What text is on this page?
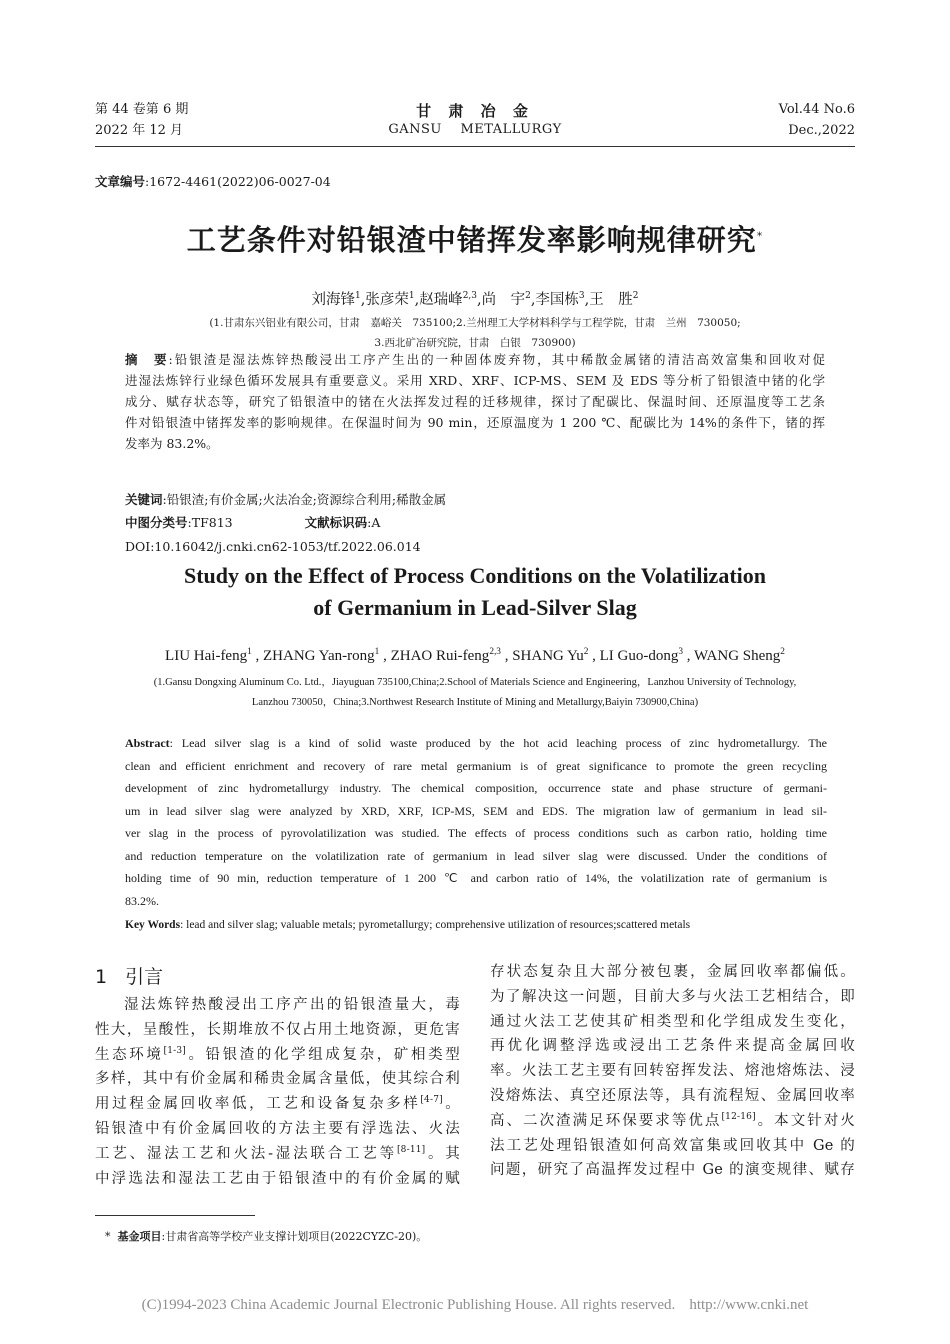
第 44 卷第 6 期
2022 年 12 月
甘 肃 冶 金
GANSU METALLURGY
Vol.44 No.6
Dec.,2022
文章编号:1672-4461(2022)06-0027-04
工艺条件对铅银渣中锗挥发率影响规律研究*
刘海锋$^1$,张彦荣$^1$,赵瑞峰$^{2,3}$,尚　宇$^2$,李国栋$^3$,王　胜$^2$
(1.甘肃东兴铝业有限公司，甘肃　嘉峪关　735100;2.兰州理工大学材料科学与工程学院，甘肃　兰州　730050;
3.西北矿冶研究院，甘肃　白银　730900)
摘　要:铅银渣是湿法炼锌热酸浸出工序产生出的一种固体废弃物，其中稀散金属锗的清洁高效富集和回收对促
进湿法炼锌行业绿色循环发展具有重要意义。采用 XRD、XRF、ICP-MS、SEM 及 EDS 等分析了铅银渣中锗的化学
成分、赋存状态等，研究了铅银渣中的锗在火法挥发过程的迁移规律，探讨了配碳比、保温时间、还原温度等工艺条
件对铅银渣中锗挥发率的影响规律。在保温时间为 90 min，还原温度为 1 200 ℃、配碳比为 14%的条件下，锗的挥
发率为 83.2%。
关键词:铅银渣;有价金属;火法冶金;资源综合利用;稀散金属
中图分类号:TF813	文献标识码:A
DOI:10.16042/j.cnki.cn62-1053/tf.2022.06.014
Study on the Effect of Process Conditions on the Volatilization
of Germanium in Lead-Silver Slag
LIU Hai-feng$^1$ , ZHANG Yan-rong$^1$ , ZHAO Rui-feng$^{2,3}$ , SHANG Yu$^2$ , LI Guo-dong$^3$ , WANG Sheng$^2$
(1.Gansu Dongxing Aluminum Co. Ltd.，Jiayuguan 735100,China;2.School of Materials Science and Engineering，Lanzhou University of Technology,
Lanzhou 730050，China;3.Northwest Research Institute of Mining and Metallurgy,Baiyin 730900,China)
Abstract: Lead silver slag is a kind of solid waste produced by the hot acid leaching process of zinc hydrometallurgy. The
clean and efficient enrichment and recovery of rare metal germanium is of great significance to promote the green recycling
development of zinc hydrometallurgy industry. The chemical composition, occurrence state and phase structure of germani-
um in lead silver slag were analyzed by XRD, XRF, ICP-MS, SEM and EDS. The migration law of germanium in lead sil-
ver slag in the process of pyrovolatilization was studied. The effects of process conditions such as carbon ratio, holding time
and reduction temperature on the volatilization rate of germanium in lead silver slag were discussed. Under the conditions of
holding time of 90 min, reduction temperature of 1 200 ℃ and carbon ratio of 14%, the volatilization rate of germanium is
83.2%.
Key Words: lead and silver slag; valuable metals; pyrometallurgy; comprehensive utilization of resources;scattered metals
1 引言
湿法炼锌热酸浸出工序产出的铅银渣量大，毒
性大，呈酸性，长期堆放不仅占用土地资源，更危害
生态环境[1-3]。铅银渣的化学组成复杂，矿相类型
多样，其中有价金属和稀贵金属含量低，使其综合利
用过程金属回收率低，工艺和设备复杂多样[4-7]。
铅银渣中有价金属回收的方法主要有浮选法、火法
工艺、湿法工艺和火法-湿法联合工艺等[8-11]。其
中浮选法和湿法工艺由于铅银渣中的有价金属的赋
存状态复杂且大部分被包裹，金属回收率都偏低。
为了解决这一问题，目前大多与火法工艺相结合，即
通过火法工艺使其矿相类型和化学组成发生变化，
再优化调整浮选或浸出工艺条件来提高金属回收
率。火法工艺主要有回转窑挥发法、熔池熔炼法、浸
没熔炼法、真空还原法等，具有流程短、金属回收率
高、二次渣满足环保要求等优点[12-16]。本文针对火
法工艺处理铅银渣如何高效富集或回收其中 Ge 的
问题，研究了高温挥发过程中 Ge 的演变规律、赋存
* 基金项目:甘肃省高等学校产业支撑计划项目(2022CYZC-20)。
(C)1994-2023 China Academic Journal Electronic Publishing House. All rights reserved. http://www.cnki.net
